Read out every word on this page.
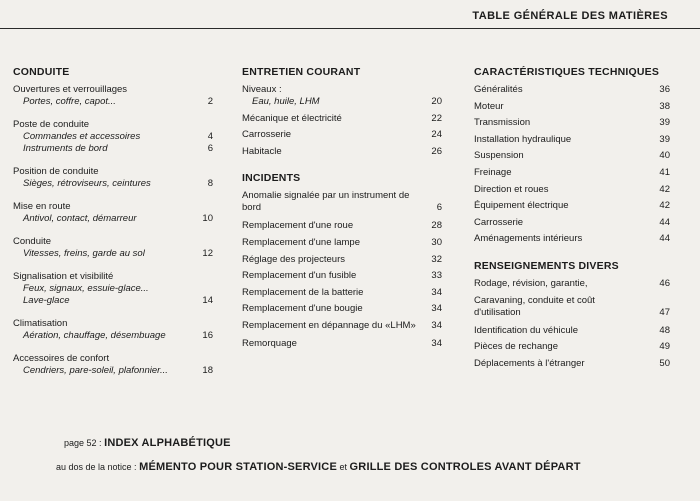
TABLE GÉNÉRALE DES MATIÈRES
CONDUITE
Ouvertures et verrouillages
Portes, coffre, capot...	2
Poste de conduite
Commandes et accessoires	4
Instruments de bord	6
Position de conduite
Sièges, rétroviseurs, ceintures	8
Mise en route
Antivol, contact, démarreur	10
Conduite
Vitesses, freins, garde au sol	12
Signalisation et visibilité
Feux, signaux, essuie-glace...
Lave-glace	14
Climatisation
Aération, chauffage, désembuage	16
Accessoires de confort
Cendriers, pare-soleil, plafonnier...	18
ENTRETIEN COURANT
Niveaux :
Eau, huile, LHM	20
Mécanique et électricité	22
Carrosserie	24
Habitacle	26
INCIDENTS
Anomalie signalée par un instrument de bord	6
Remplacement d'une roue	28
Remplacement d'une lampe	30
Réglage des projecteurs	32
Remplacement d'un fusible	33
Remplacement de la batterie	34
Remplacement d'une bougie	34
Remplacement en dépannage du «LHM»	34
Remorquage	34
CARACTÉRISTIQUES TECHNIQUES
Généralités	36
Moteur	38
Transmission	39
Installation hydraulique	39
Suspension	40
Freinage	41
Direction et roues	42
Équipement électrique	42
Carrosserie	44
Aménagements intérieurs	44
RENSEIGNEMENTS DIVERS
Rodage, révision, garantie,	46
Caravaning, conduite et coût d'utilisation	47
Identification du véhicule	48
Pièces de rechange	49
Déplacements à l'étranger	50
page 52 : INDEX ALPHABÉTIQUE
au dos de la notice : MÉMENTO POUR STATION-SERVICE et GRILLE DES CONTROLES AVANT DÉPART
